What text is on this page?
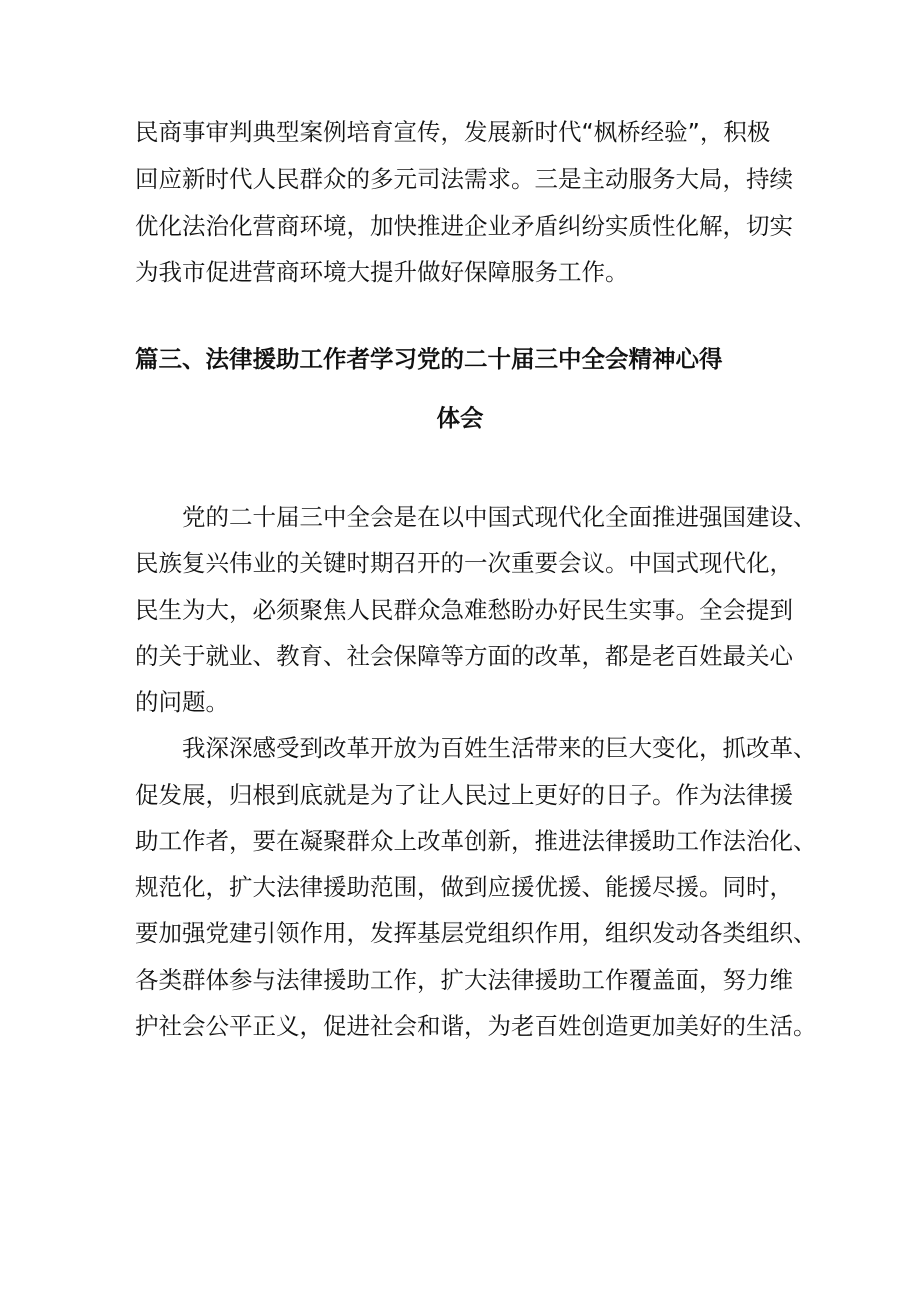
民商事审判典型案例培育宣传，发展新时代“枫桥经验”，积极
回应新时代人民群众的多元司法需求。三是主动服务大局，持续
优化法治化营商环境，加快推进企业矛盾纠纷实质性化解，切实
为我市促进营商环境大提升做好保障服务工作。
篇三、法律援助工作者学习党的二十届三中全会精神心得
体会
党的二十届三中全会是在以中国式现代化全面推进强国建设、
民族复兴伟业的关键时期召开的一次重要会议。中国式现代化，
民生为大，必须聚焦人民群众急难愁盼办好民生实事。全会提到
的关于就业、教育、社会保障等方面的改革，都是老百姓最关心
的问题。
我深深感受到改革开放为百姓生活带来的巨大变化，抓改革、
促发展，归根到底就是为了让人民过上更好的日子。作为法律援
助工作者，要在凝聚群众上改革创新，推进法律援助工作法治化、
规范化，扩大法律援助范围，做到应援优援、能援尽援。同时，
要加强党建引领作用，发挥基层党组织作用，组织发动各类组织、
各类群体参与法律援助工作，扩大法律援助工作覆盖面，努力维
护社会公平正义，促进社会和谐，为老百姓创造更加美好的生活。
